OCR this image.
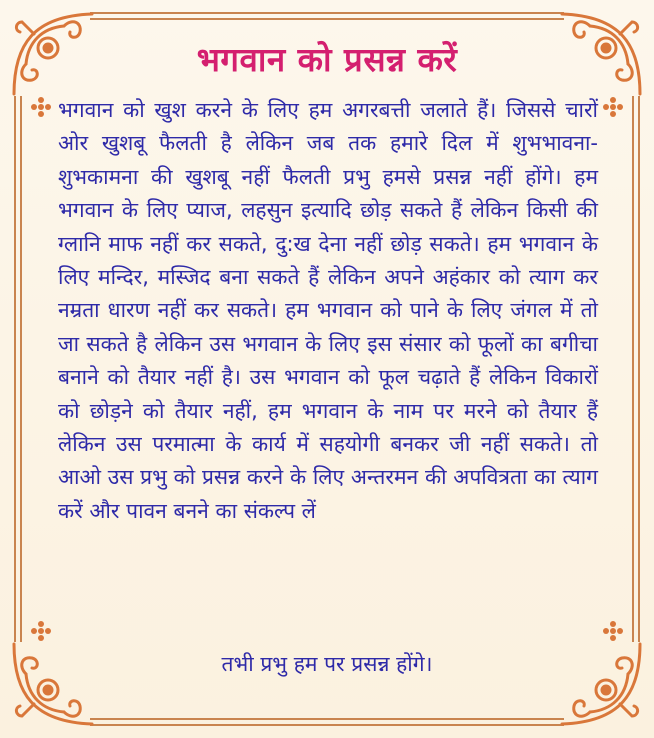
भगवान को प्रसन्न करें
भगवान को खुश करने के लिए हम अगरबत्ती जलाते हैं। जिससे चारों ओर खुशबू फैलती है लेकिन जब तक हमारे दिल में शुभभावना-शुभकामना की खुशबू नहीं फैलती प्रभु हमसे प्रसन्न नहीं होंगे। हम भगवान के लिए प्याज, लहसुन इत्यादि छोड़ सकते हैं लेकिन किसी की ग्लानि माफ नहीं कर सकते, दु:ख देना नहीं छोड़ सकते। हम भगवान के लिए मन्दिर, मस्जिद बना सकते हैं लेकिन अपने अहंकार को त्याग कर नम्रता धारण नहीं कर सकते। हम भगवान को पाने के लिए जंगल में तो जा सकते है लेकिन उस भगवान के लिए इस संसार को फूलों का बगीचा बनाने को तैयार नहीं है। उस भगवान को फूल चढ़ाते हैं लेकिन विकारों को छोड़ने को तैयार नहीं, हम भगवान के नाम पर मरने को तैयार हैं लेकिन उस परमात्मा के कार्य में सहयोगी बनकर जी नहीं सकते। तो आओ उस प्रभु को प्रसन्न करने के लिए अन्तरमन की अपवित्रता का त्याग करें और पावन बनने का संकल्प लें
तभी प्रभु हम पर प्रसन्न होंगे।
